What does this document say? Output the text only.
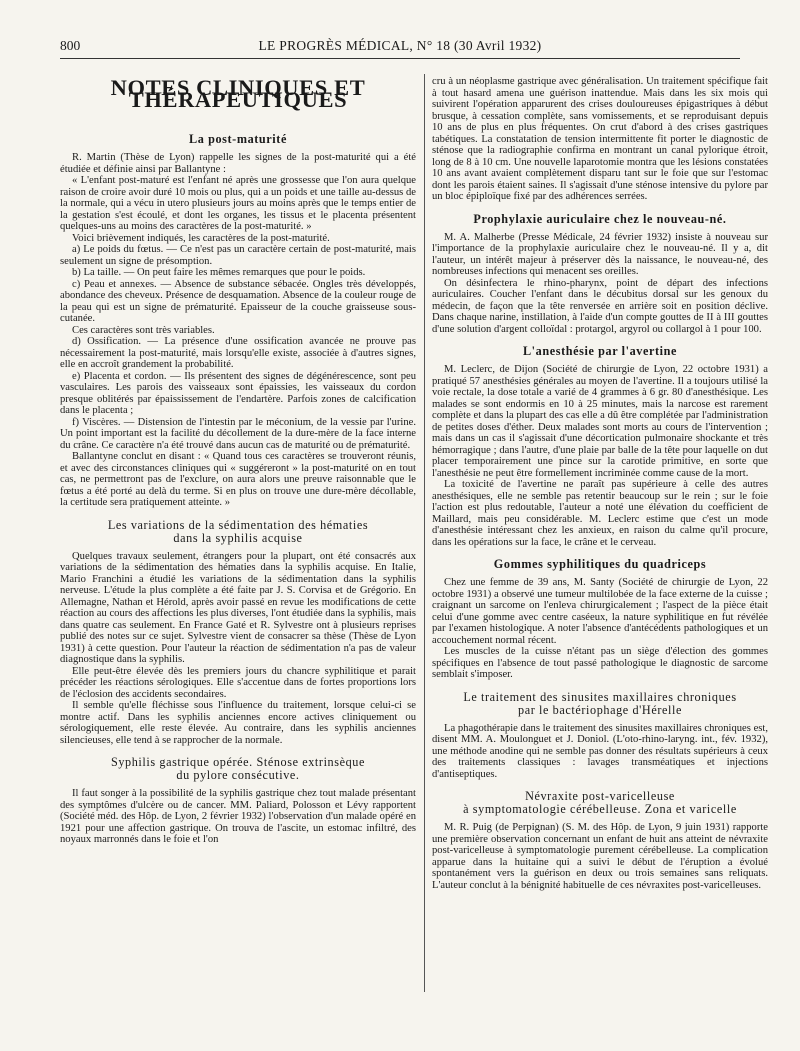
800	LE PROGRÈS MÉDICAL, N° 18 (30 Avril 1932)
NOTES CLINIQUES ET THÉRAPEUTIQUES
La post-maturité

R. Martin (Thèse de Lyon) rappelle les signes de la post-maturité qui a été étudiée et définie ainsi par Ballantyne :

« L'enfant post-maturé est l'enfant né après une grossesse que l'on aura quelque raison de croire avoir duré 10 mois ou plus, qui a un poids et une taille au-dessus de la normale, qui a vécu in utero plusieurs jours au moins après que le temps entier de la gestation s'est écoulé, et dont les organes, les tissus et le placenta présentent quelques-uns au moins des caractères de la post-maturité. »

Voici brièvement indiqués, les caractères de la post-maturité.

a) Le poids du fœtus. — Ce n'est pas un caractère certain de post-maturité, mais seulement un signe de présomption.

b) La taille. — On peut faire les mêmes remarques que pour le poids.

c) Peau et annexes. — Absence de substance sébacée. Ongles très développés, abondance des cheveux. Présence de desquamation. Absence de la couleur rouge de la peau qui est un signe de prématurité. Epaisseur de la couche graisseuse sous-cutanée.

Ces caractères sont très variables.

d) Ossification. — La présence d'une ossification avancée ne prouve pas nécessairement la post-maturité, mais lorsqu'elle existe, associée à d'autres signes, elle en accroît grandement la probabilité.

e) Placenta et cordon. — Ils présentent des signes de dégénérescence, sont peu vasculaires. Les parois des vaisseaux sont épaissies, les vaisseaux du cordon presque oblitérés par épaississement de l'endartère. Parfois zones de calcification dans le placenta ;

f) Viscères. — Distension de l'intestin par le méconium, de la vessie par l'urine. Un point important est la facilité du décollement de la dure-mère de la face interne du crâne. Ce caractère n'a été trouvé dans aucun cas de maturité ou de prématurité.

Ballantyne conclut en disant : « Quand tous ces caractères se trouveront réunis, et avec des circonstances cliniques qui « suggéreront » la post-maturité on en tout cas, ne permettront pas de l'exclure, on aura alors une preuve raisonnable que le fœtus a été porté au delà du terme. Si en plus on trouve une dure-mère décollable, la certitude sera pratiquement atteinte. »

Les variations de la sédimentation des hématies
dans la syphilis acquise

Quelques travaux seulement, étrangers pour la plupart, ont été consacrés aux variations de la sédimentation des hématies dans la syphilis acquise. En Italie, Mario Franchini a étudié les variations de la sédimentation dans la syphilis nerveuse. L'étude la plus complète a été faite par J. S. Corvisa et de Grégorio. En Allemagne, Nathan et Hérold, après avoir passé en revue les modifications de cette réaction au cours des affections les plus diverses, l'ont étudiée dans la syphilis, mais dans quatre cas seulement. En France Gaté et R. Sylvestre ont à plusieurs reprises publié des notes sur ce sujet. Sylvestre vient de consacrer sa thèse (Thèse de Lyon 1931) à cette question. Pour l'auteur la réaction de sédimentation n'a pas de valeur diagnostique dans la syphilis.

Elle peut-être élevée dès les premiers jours du chancre syphilitique et parait précéder les réactions sérologiques. Elle s'accentue dans de fortes proportions lors de l'éclosion des accidents secondaires.

Il semble qu'elle fléchisse sous l'influence du traitement, lorsque celui-ci se montre actif. Dans les syphilis anciennes encore actives cliniquement ou sérologiquement, elle reste élevée. Au contraire, dans les syphilis anciennes silencieuses, elle tend à se rapprocher de la normale.

Syphilis gastrique opérée. Sténose extrinsèque
du pylore consécutive.

Il faut songer à la possibilité de la syphilis gastrique chez tout malade présentant des symptômes d'ulcère ou de cancer. MM. Paliard, Polosson et Lévy rapportent (Société méd. des Hôp. de Lyon, 2 février 1932) l'observation d'un malade opéré en 1921 pour une affection gastrique. On trouva de l'ascite, un estomac infiltré, des noyaux marronnés dans le foie et l'on

cru à un néoplasme gastrique avec généralisation. Un traitement spécifique fait à tout hasard amena une guérison inattendue. Mais dans les six mois qui suivirent l'opération apparurent des crises douloureuses épigastriques à début brusque, à cessation complète, sans vomissements, et se reproduisant depuis 10 ans de plus en plus fréquentes. On crut d'abord à des crises gastriques tabétiques. La constatation de tension intermittente fit porter le diagnostic de sténose que la radiographie confirma en montrant un canal pylorique étroit, long de 8 à 10 cm. Une nouvelle laparotomie montra que les lésions constatées 10 ans avant avaient complètement disparu tant sur le foie que sur l'estomac dont les parois étaient saines. Il s'agissait d'une sténose intensive du pylore par un bloc épiploïque fixé par des adhérences serrées.

Prophylaxie auriculaire chez le nouveau-né.

M. A. Malherbe (Presse Médicale, 24 février 1932) insiste à nouveau sur l'importance de la prophylaxie auriculaire chez le nouveau-né. Il y a, dit l'auteur, un intérêt majeur à préserver dès la naissance, le nouveau-né, des nombreuses infections qui menacent ses oreilles.

On désinfectera le rhino-pharynx, point de départ des infections auriculaires. Coucher l'enfant dans le décubitus dorsal sur les genoux du médecin, de façon que la tête renversée en arrière soit en position déclive. Dans chaque narine, instillation, à l'aide d'un compte gouttes de II à III gouttes d'une solution d'argent colloïdal : protargol, argyrol ou collargol à 1 pour 100.

L'anesthésie par l'avertine

M. Leclerc, de Dijon (Société de chirurgie de Lyon, 22 octobre 1931) a pratiqué 57 anesthésies générales au moyen de l'avertine. Il a toujours utilisé la voie rectale, la dose totale a varié de 4 grammes à 6 gr. 80 d'anesthésique. Les malades se sont endormis en 10 à 25 minutes, mais la narcose est rarement complète et dans la plupart des cas elle a dû être complétée par l'administration de petites doses d'éther. Deux malades sont morts au cours de l'intervention ; mais dans un cas il s'agissait d'une décortication pulmonaire shockante et très hémorragique ; dans l'autre, d'une plaie par balle de la tête pour laquelle on dut placer temporairement une pince sur la carotide primitive, en sorte que l'anesthésie ne peut être formellement incriminée comme cause de la mort.

La toxicité de l'avertine ne paraît pas supérieure à celle des autres anesthésiques, elle ne semble pas retentir beaucoup sur le rein ; sur le foie l'action est plus redoutable, l'auteur a noté une élévation du coefficient de Maillard, mais peu considérable. M. Leclerc estime que c'est un mode d'anesthésie intéressant chez les anxieux, en raison du calme qu'il procure, dans les opérations sur la face, le crâne et le cerveau.

Gommes syphilitiques du quadriceps

Chez une femme de 39 ans, M. Santy (Société de chirurgie de Lyon, 22 octobre 1931) a observé une tumeur multilobée de la face externe de la cuisse ; craignant un sarcome on l'enleva chirurgicalement ; l'aspect de la pièce était celui d'une gomme avec centre caséeux, la nature syphilitique en fut révélée par l'examen histologique. A noter l'absence d'antécédents pathologiques et un accouchement normal récent.

Les muscles de la cuisse n'étant pas un siège d'élection des gommes spécifiques en l'absence de tout passé pathologique le diagnostic de sarcome semblait s'imposer.

Le traitement des sinusites maxillaires chroniques
par le bactériophage d'Hérelle

La phagothérapie dans le traitement des sinusites maxillaires chroniques est, disent MM. A. Moulonguet et J. Doniol. (L'oto-rhino-laryng. int., fév. 1932), une méthode anodine qui ne semble pas donner des résultats supérieurs à ceux des traitements classiques : lavages transméatiques et injections d'antiseptiques.

Névraxite post-varicelleuse
à symptomatologie cérébelleuse. Zona et varicelle

M. R. Puig (de Perpignan) (S. M. des Hôp. de Lyon, 9 juin 1931) rapporte une première observation concernant un enfant de huit ans atteint de névraxite post-varicelleuse à symptomatologie purement cérébelleuse. La complication apparue dans la huitaine qui a suivi le début de l'éruption a évolué spontanément vers la guérison en deux ou trois semaines sans reliquats. L'auteur conclut à la bénignité habituelle de ces névraxites post-varicelleuses.
